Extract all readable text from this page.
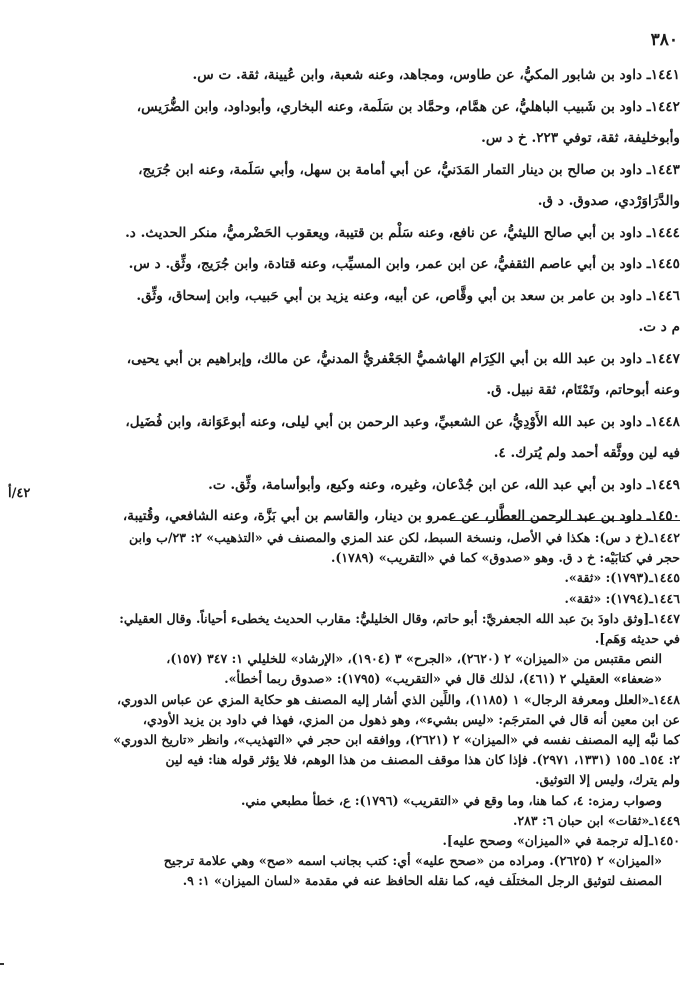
٣٨٠
٤٢/أ
١٤٤١ـ داود بن شابور المكيُّ، عن طاوس، ومجاهد، وعنه شعبة، وابن عُيينة، ثقة. ت س.
١٤٤٢ـ داود بن شَبيب الباهليُّ، عن همَّام، وحمَّاد بن سَلَمة، وعنه البخاري، وأبوداود، وابن الضُّرَيس،
وأبوخليفة، ثقة، توفي ٢٢٣. خ د س.
١٤٤٣ـ داود بن صالح بن دينار التمار المَدَنيُّ، عن أبي أمامة بن سهل، وأبي سَلَمة، وعنه ابن جُرَيج،
والدَّرَاوَرْدي، صدوق. د ق.
١٤٤٤ـ داود بن أبي صالح الليثيُّ، عن نافع، وعنه سَلْم بن قتيبة، ويعقوب الحَضْرميُّ، منكر الحديث. د.
١٤٤٥ـ داود بن أبي عاصم الثقفيُّ، عن ابن عمر، وابن المسيِّب، وعنه قتادة، وابن جُرَيج، وثِّق. د س.
١٤٤٦ـ داود بن عامر بن سعد بن أبي وقَّاص، عن أبيه، وعنه يزيد بن أبي حَبيب، وابن إسحاق، وثِّق.
م د ت.
١٤٤٧ـ داود بن عبد الله بن أبي الكِرَام الهاشميُّ الجَعْفريُّ المدنيُّ، عن مالك، وإبراهيم بن أبي يحيى،
وعنه أبوحاتم، وتَمْتَام، ثقة نبيل. ق.
١٤٤٨ـ داود بن عبد الله الأَوْدِيُّ، عن الشعبيِّ، وعبد الرحمن بن أبي ليلى، وعنه أبوعَوَانة، وابن فُضَيل،
فيه لين ووثَّقه أحمد ولم يُترك. ٤.
١٤٤٩ـ داود بن أبي عبد الله، عن ابن جُدْعان، وغيره، وعنه وكيع، وأبوأسامة، وثِّق. ت.
١٤٥٠ـ داود بن عبد الرحمن العطَّار، عن عمرو بن دينار، والقاسم بن أبي بَزَّة، وعنه الشافعي، وقُتيبة،
١٤٤٢ـ(خ د س): هكذا في الأصل، ونسخة السبط، لكن عند المزي والمصنف في «التذهيب» ٢: ٢٣/ب وابن
حجر في كتابَيْه: خ د ق. وهو «صدوق» كما في «التقريب» (١٧٨٩).
١٤٤٥ـ(١٧٩٣): «ثقة».
١٤٤٦ـ(١٧٩٤): «ثقة».
١٤٤٧ـ[وثق داودَ بنَ عبد الله الجعفريَّ: أبو حاتم، وقال الخليليُّ: مقارب الحديث يخطىء أحياناً. وقال العقيلي:
في حديثه وَهَم].
النص مقتبس من «الميزان» ٢ (٢٦٢٠)، «الجرح» ٣ (١٩٠٤)، «الإرشاد» للخليلي ١: ٣٤٧ (١٥٧)،
«ضعفاء» العقيلي ٢ (٤٦١)، لذلك قال في «التقريب» (١٧٩٥): «صدوق ربما أخطأ».
١٤٤٨ـ«العلل ومعرفة الرجال» ١ (١١٨٥)، واللِّين الذي أشار إليه المصنف هو حكاية المزي عن عباس الدوري،
عن ابن معين أنه قال في المترجَم: «ليس بشيء»، وهو ذهول من المزي، فهذا في داود بن يزيد الأودي،
كما نبَّه إليه المصنف نفسه في «الميزان» ٢ (٢٦٢١)، ووافقه ابن حجر في «التهذيب»، وانظر «تاريخ الدوري»
٢: ١٥٤ـ ١٥٥ (١٣٣١، ٢٩٧١). فإذا كان هذا موقف المصنف من هذا الوهم، فلا يؤثر قوله هنا: فيه لين
ولم يترك، وليس إلا التوثيق.
وصواب رمزه: ٤، كما هنا، وما وقع في «التقريب» (١٧٩٦): ع، خطأ مطبعي مني.
١٤٤٩ـ«ثقات» ابن حبان ٦: ٢٨٣.
١٤٥٠ـ[له ترجمة في «الميزان» وصحح عليه].
«الميزان» ٢ (٢٦٢٥). ومراده من «صحح عليه» أي: كتب بجانب اسمه «صح» وهي علامة ترجيح
المصنف لتوثيق الرجل المختلَف فيه، كما نقله الحافظ عنه في مقدمة «لسان الميزان» ١: ٩.
